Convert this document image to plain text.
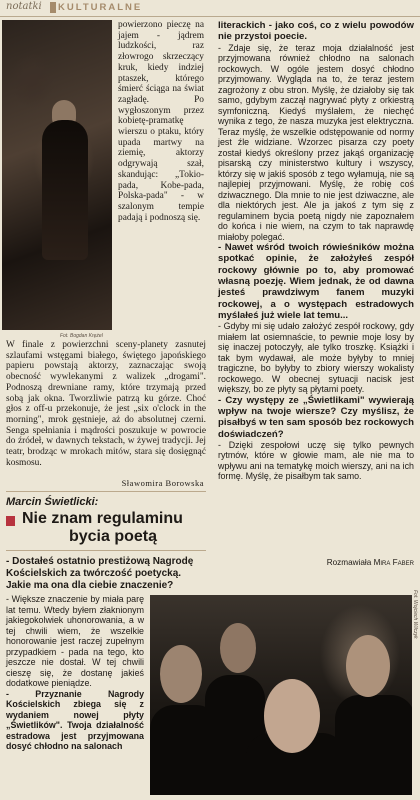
notatki KULTURALNE
Fot. Bogdan Krężel

powierzono pieczę na jajem - jądrem ludzkości, raz złowrogo skrzeczący kruk, kiedy indziej ptaszek, którego śmierć ściąga na świat zagładę. Po wygłoszonym przez kobietę-pramatkę wierszu o ptaku, który upada martwy na ziemię, aktorzy odgrywają szał, skandując: „Tokio-pada, Kobe-pada, Polska-pada" - w szalonym tempie padają i podnoszą się.

W finale z powierzchni sceny-planety zasnutej szlaufami wstęgami białego, świętego japońskiego papieru powstają aktorzy, zaznaczając swoją obecność wywlekanymi z walizek „drogami". Podnoszą drewniane ramy, które trzymają przed sobą jak okna. Tworzliwie patrzą ku górze. Choć głos z off-u przekonuje, że jest „six o'clock in the morning", mrok gęstnieje, aż do absolutnej czerni. Senga spełniania i mądrości poszukuje w powrocie do źródeł, w dawnych tekstach, w żywej tradycji. Jej teatr, brodząc w mrokach mitów, stara się dosięgnąć kosmosu.

Sławomira Borowska
Marcin Świetlicki:
Nie znam regulaminu
bycia poetą
- Dostałeś ostatnio prestiżową Nagrodę Kościelskich za twórczość poetycką. Jakie ma ona dla ciebie znaczenie?

- Większe znaczenie by miała parę lat temu. Wtedy byłem złaknionym jakiegokolwiek uhonorowania, a w tej chwili wiem, że wszelkie honorowanie jest raczej zupełnym przypadkiem - pada na tego, kto jeszcze nie dostał. W tej chwili cieszę się, że dostanę jakieś dodatkowe pieniądze.

- Przyznanie Nagrody Kościelskich zbiega się z wydaniem nowej płyty „Świetlików". Twoja działalność estradowa jest przyjmowana dosyć chłodno na salonach

literackich - jako coś, co z wielu powodów nie przystoi poecie.

- Zdaje się, że teraz moja działalność jest przyjmowana również chłodno na salonach rockowych. W ogóle jestem dosyć chłodno przyjmowany. Wygląda na to, że teraz jestem zagrożony z obu stron. Myślę, że działoby się tak samo, gdybym zaczął nagrywać płyty z orkiestrą symfoniczną. Kiedyś myślałem, że niechęć wynika z tego, że nasza muzyka jest elektryczna. Teraz myślę, że wszelkie odstępowanie od normy jest źle widziane. Wzorzec pisarza czy poety został kiedyś określony przez jakąś organizację pisarską czy ministerstwo kultury i wszyscy, którzy się w jakiś sposób z tego wyłamują, nie są najlepiej przyjmowani. Myślę, że robię coś dziwacznego. Dla mnie to nie jest dziwaczne, ale dla niektórych jest. Ale ja jakoś z tym się z regulaminem bycia poetą nigdy nie zapoznałem do końca i nie wiem, na czym to tak naprawdę miałoby polegać.

- Nawet wśród twoich rówieśników można spotkać opinie, że założyłeś zespół rockowy głównie po to, aby promować własną poezję. Wiem jednak, że od dawna jesteś prawdziwym fanem muzyki rockowej, a o występach estradowych myślałeś już wiele lat temu...

- Gdyby mi się udało założyć zespół rockowy, gdy miałem lat osiemnaście, to pewnie moje losy by się inaczej potoczyły, ale tylko troszkę. Książki i tak bym wydawał, ale może byłyby to mniej tragiczne, bo byłyby to zbiory wierszy wokalisty rockowego. W obecnej sytuacji nacisk jest większy, bo ze płyty są płytami poety.

- Czy występy ze „Świetlikami" wywierają wpływ na twoje wiersze? Czy myślisz, że pisałbyś w ten sam sposób bez rockowych doświadczeń?

- Dzięki zespołowi uczę się tylko pewnych rytmów, które w głowie mam, ale nie ma to wpływu ani na tematykę moich wierszy, ani na ich formę. Myślę, że pisałbym tak samo.

Rozmawiała Mira Faber
Fot. Wojciech Wilczyk
